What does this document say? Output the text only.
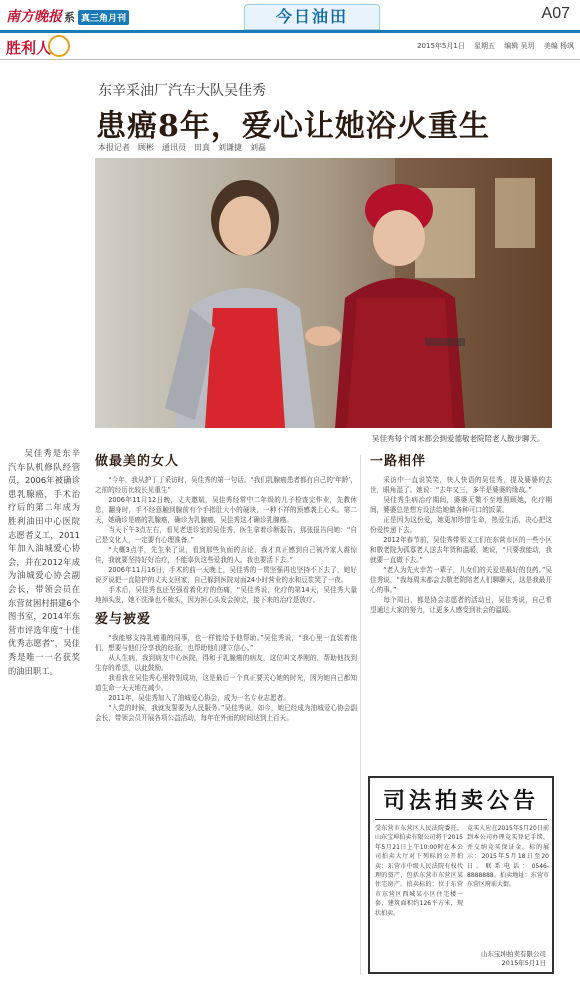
南方晚报 系 真三角月刊	今日油田	A07
胜利人	2015年5月1日　 星期五　 编辑 吴玥　 美编 杨飒
东辛采油厂汽车大队吴佳秀
患癌8年，爱心让她浴火重生
本报记者　顾彬　通讯员　田真　刘谦捷　刘磊
吴佳秀每个周末都会到爱德敬老院陪老人散步聊天。
吴佳秀是东辛汽车队机修队经管员，2006年被确诊患乳腺癌，手术治疗后的第二年成为胜利油田中心医院志愿者义工，2011年加入油城爱心协会，并在2012年成为油城爱心协会副会长，带领会员在东营贫困村捐建6个图书室，2014年东营市评选年度“十佳优秀志愿者”，吴佳秀是唯一一名获奖的油田职工。
做最美的女人

“今年，我从护丁丁采访时，吴佳秀的第一句话。“我们乳腺癌患者都有自己的‘年龄’，之前的经历比较长见重生”

2006年11月12日晚，丈夫邀斌，吴佳秀经常中二年级的儿子检查完作业，先教休息，翻身时，手不经意触到腺前有个手指肚大小的硬块，一种不祥的预感袭上心头。第二天，她确诊是癌的乳腺癌，确诊为乳腺癌，吴佳秀这才确诊乳腺癌。

当天下午3点左右，看见老进诊室的吴佳秀，医生拿着诊断报告，那张报告问她：“自己是文化人，一定要有心理准备。”

“大概3点半，先生来了说，看到那些负面的言论，我才真正感到自己被冷家人震惊住，我就要坚持好好治疗，不能辜负这些爱我的人。我也要活下去。”

2006年11月16日，手术的前一天晚上，吴佳秀的一贯坚强再也坚持不下去了，她好说歹说把一直陪护的丈夫支回家，自己躲到医院对面24小时营业的水和豆浆哭了一夜。

手术后，吴佳秀也还坚强看着化疗的伤痛，“吴佳秀说，化疗的第14天，吴佳秀大量地掉头发，她不洗澡也不梳头，因为担心头发会掉完，接下来的治疗是放疗。

爱与被爱

“我能够支持乳癌重的同事，也一样能给予他帮助。”吴佳秀说，“我心里一直装着他们，想要与他们分享我的经验，也帮助他们建立信心。”

从人生病，我到病友中心医院，得和于乳腺癌的病友，这位叫文孝刚的，帮助他找到生存的希望，以此鼓励。

我看我在吴佳秀心里特别成功，这是最后一个真正要关心她的时光，因为她自己都知道生命一天天地在减少。

2011年，吴佳秀加入了油城爱心协会，成为一名专业志愿者。

“入党的时候，我就发誓要为人民服务。”吴佳秀说，如今，她已经成为油城爱心协会副会长，带领会员开展各项公益活动，每年在外面的时间达到上百天。

一路相伴

采访中一直说笑笑，快人快语的吴佳秀，提及婆婆的去世，眼角湿了。她说：“去年又三，多半是婆婆的缘故。”

吴佳秀生病治疗期间，婆婆无微不至地照顾她，化疗期间，婆婆总是想方设法给她做各种可口的饭菜。

正是因为这份爱，她更加珍惜生命，热爱生活，决心把这份爱传递下去。

2012年春节前，吴佳秀带领义工们在东营市区的一些小区和敬老院为孤寡老人送去年货和温暖，她说，“只要我能动，我就要一直做下去。”

“老人为先火幸苦一辈子，儿女们的关爱是最好的良药。”吴佳秀说，“我每周末都会去敬老院陪老人们聊聊天，这是我最开心的事。”

每个周日，都是协会志愿者的活动日，吴佳秀说，自己希望通过大家的努力，让更多人感受到社会的温暖。

司法拍卖公告
受东营市东营区人民法院委托，山东宝坤拍卖有限公司将于2015年5月21日上午10:00时在本公司拍卖大厅对下列标的公开拍卖：东营市中级人民法院有权代理的资产，包括东营市东营区某住宅房产。拍卖标的：位于东营市东营区西城某小区住宅楼一套，建筑面积约126平方米，现状拍卖。
竞买人应在2015年5月20日前到本公司办理竞买登记手续，并交纳竞买保证金。标的展示：2015年5月18日至20日。联系电话：0546-8888888。拍卖地址：东营市东营区府前大街。
山东宝坤拍卖有限公司
2015年5月1日
